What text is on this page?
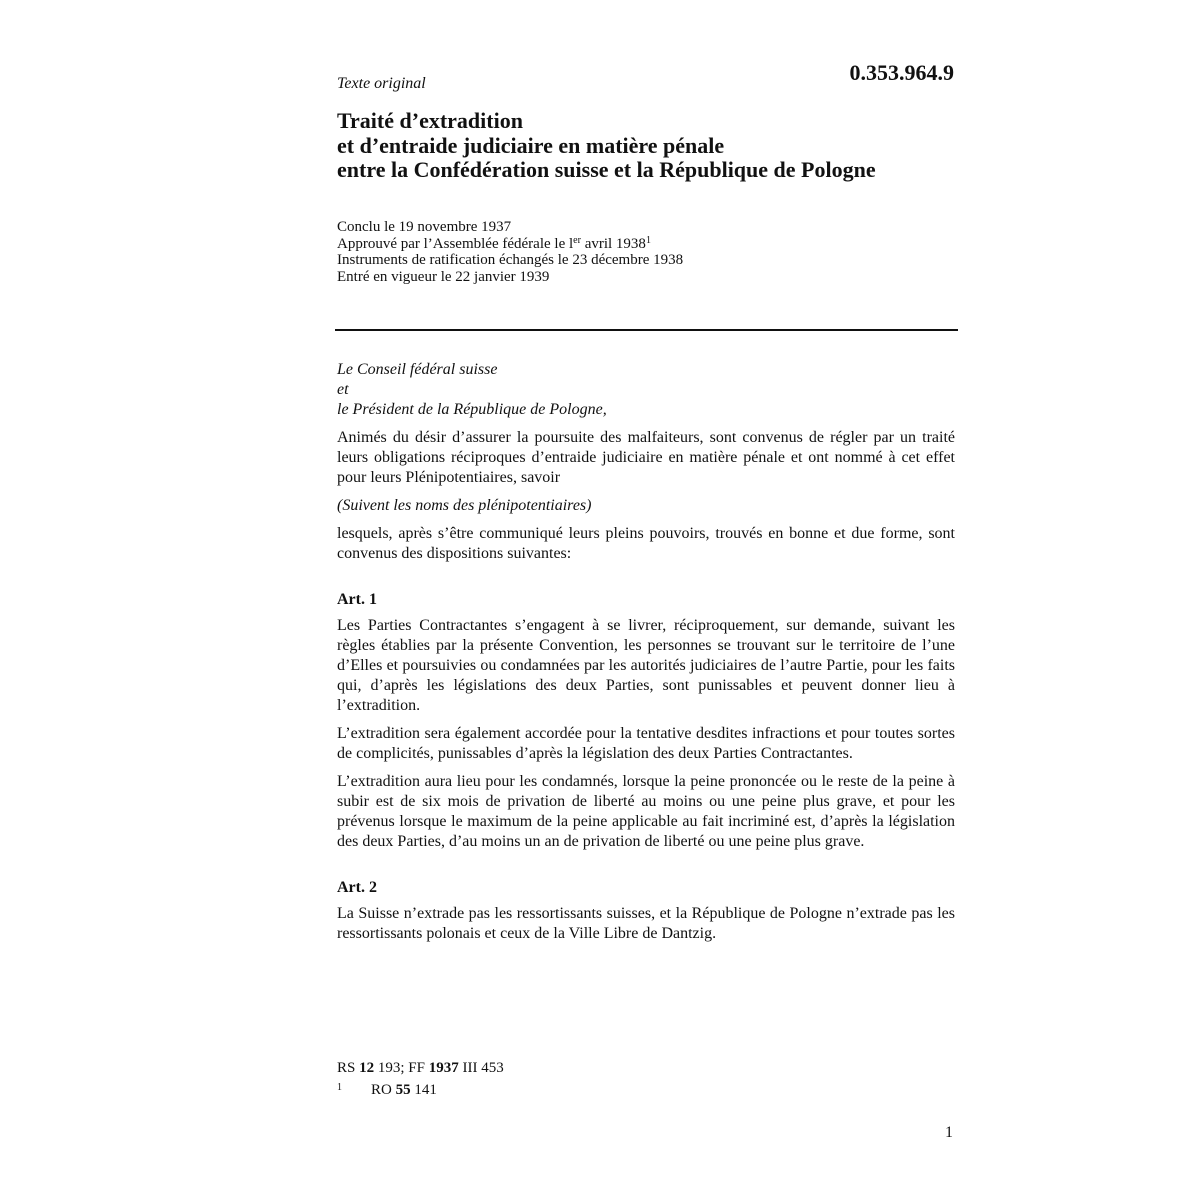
Texte original	0.353.964.9
Traité d’extradition
et d’entraide judiciaire en matière pénale
entre la Confédération suisse et la République de Pologne
Conclu le 19 novembre 1937
Approuvé par l’Assemblée fédérale le $l^{er}$ avril 1938$^1$
Instruments de ratification échangés le 23 décembre 1938
Entré en vigueur le 22 janvier 1939
Le Conseil fédéral suisse
et
le Président de la République de Pologne,

Animés du désir d’assurer la poursuite des malfaiteurs, sont convenus de régler par un traité leurs obligations réciproques d’entraide judiciaire en matière pénale et ont nommé à cet effet pour leurs Plénipotentiaires, savoir

(Suivent les noms des plénipotentiaires)

lesquels, après s’être communiqué leurs pleins pouvoirs, trouvés en bonne et due forme, sont convenus des dispositions suivantes:

Art. 1

Les Parties Contractantes s’engagent à se livrer, réciproquement, sur demande, suivant les règles établies par la présente Convention, les personnes se trouvant sur le territoire de l’une d’Elles et poursuivies ou condamnées par les autorités judiciaires de l’autre Partie, pour les faits qui, d’après les législations des deux Parties, sont punissables et peuvent donner lieu à l’extradition.

L’extradition sera également accordée pour la tentative desdites infractions et pour toutes sortes de complicités, punissables d’après la législation des deux Parties Contractantes.

L’extradition aura lieu pour les condamnés, lorsque la peine prononcée ou le reste de la peine à subir est de six mois de privation de liberté au moins ou une peine plus grave, et pour les prévenus lorsque le maximum de la peine applicable au fait incriminé est, d’après la législation des deux Parties, d’au moins un an de privation de liberté ou une peine plus grave.

Art. 2

La Suisse n’extrade pas les ressortissants suisses, et la République de Pologne n’extrade pas les ressortissants polonais et ceux de la Ville Libre de Dantzig.

RS 12 193; FF 1937 III 453
1 RO 55 141
1
